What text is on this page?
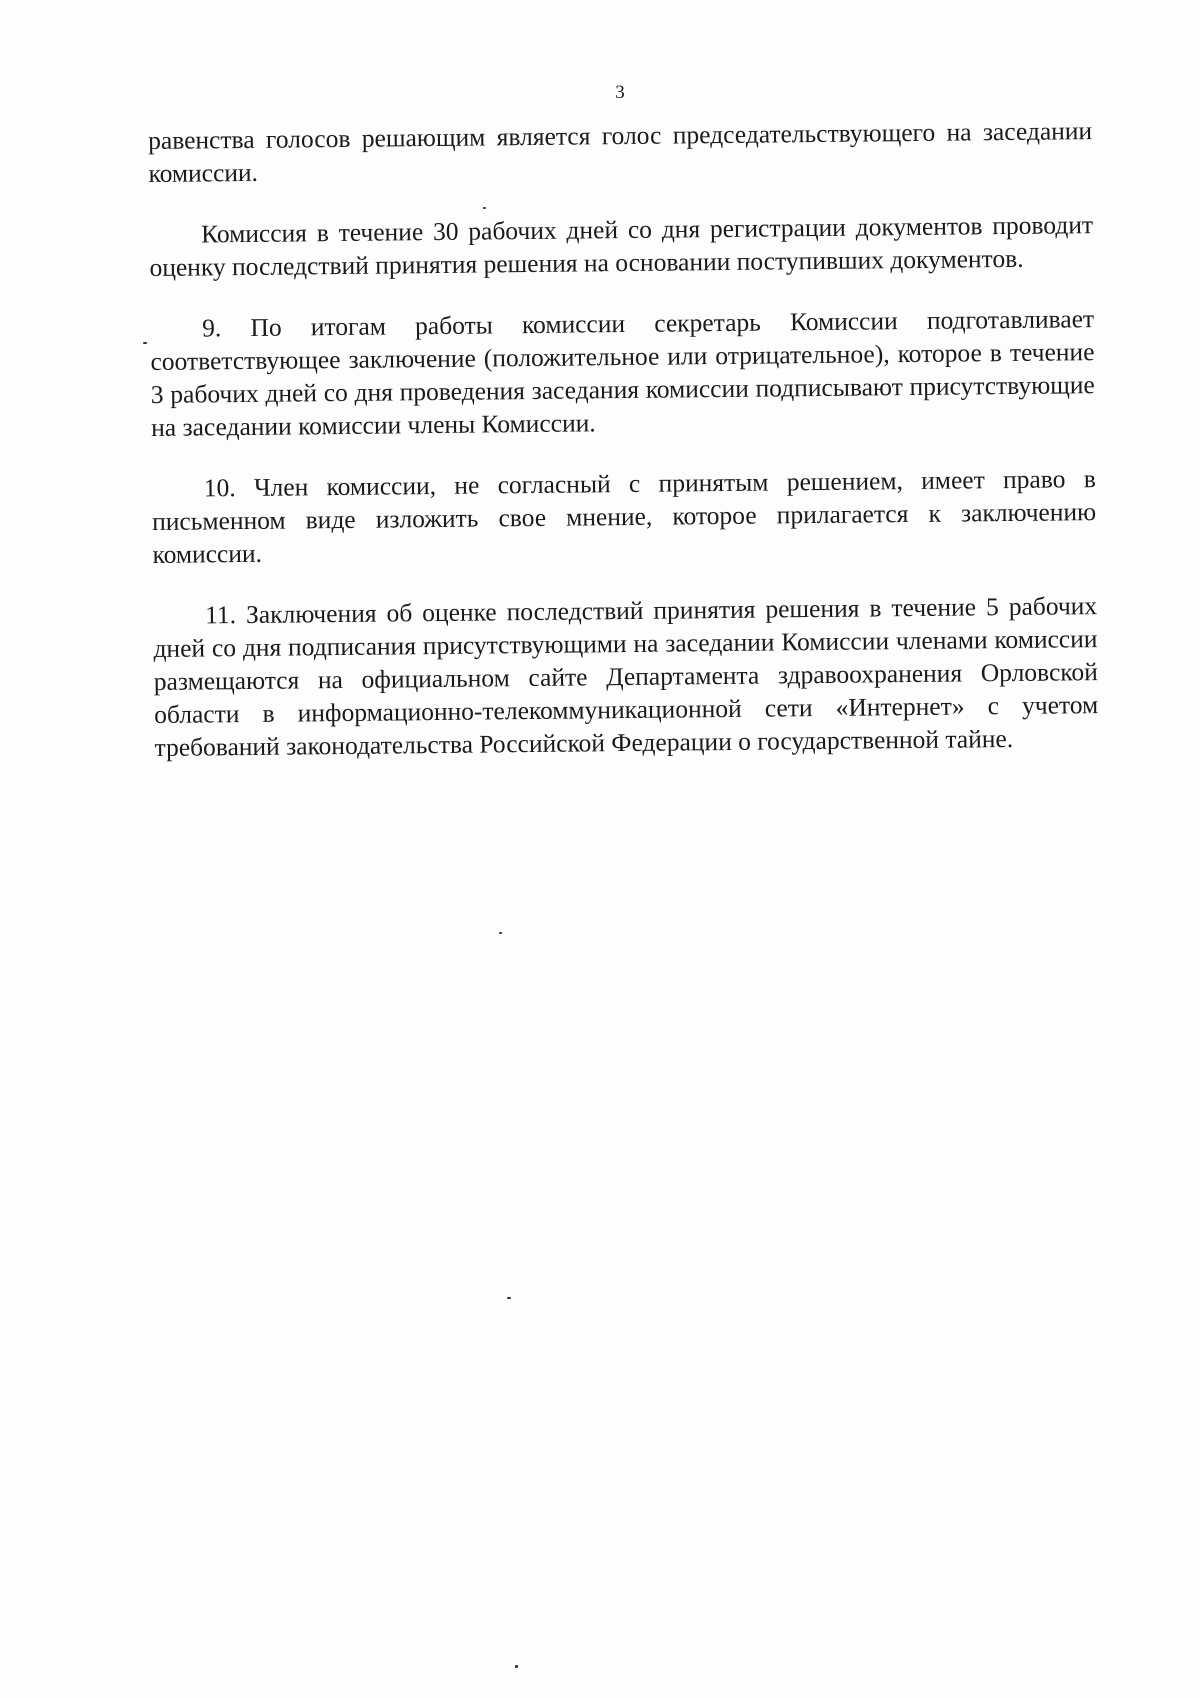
3

равенства голосов решающим является голос председательствующего на заседании комиссии.

Комиссия в течение 30 рабочих дней со дня регистрации документов проводит оценку последствий принятия решения на основании поступивших документов.

9. По итогам работы комиссии секретарь Комиссии подготавливает соответствующее заключение (положительное или отрицательное), которое в течение 3 рабочих дней со дня проведения заседания комиссии подписывают присутствующие на заседании комиссии члены Комиссии.

10. Член комиссии, не согласный с принятым решением, имеет право в письменном виде изложить свое мнение, которое прилагается к заключению комиссии.

11. Заключения об оценке последствий принятия решения в течение 5 рабочих дней со дня подписания присутствующими на заседании Комиссии членами комиссии размещаются на официальном сайте Департамента здравоохранения Орловской области в информационно-телекоммуникационной сети «Интернет» с учетом требований законодательства Российской Федерации о государственной тайне.
